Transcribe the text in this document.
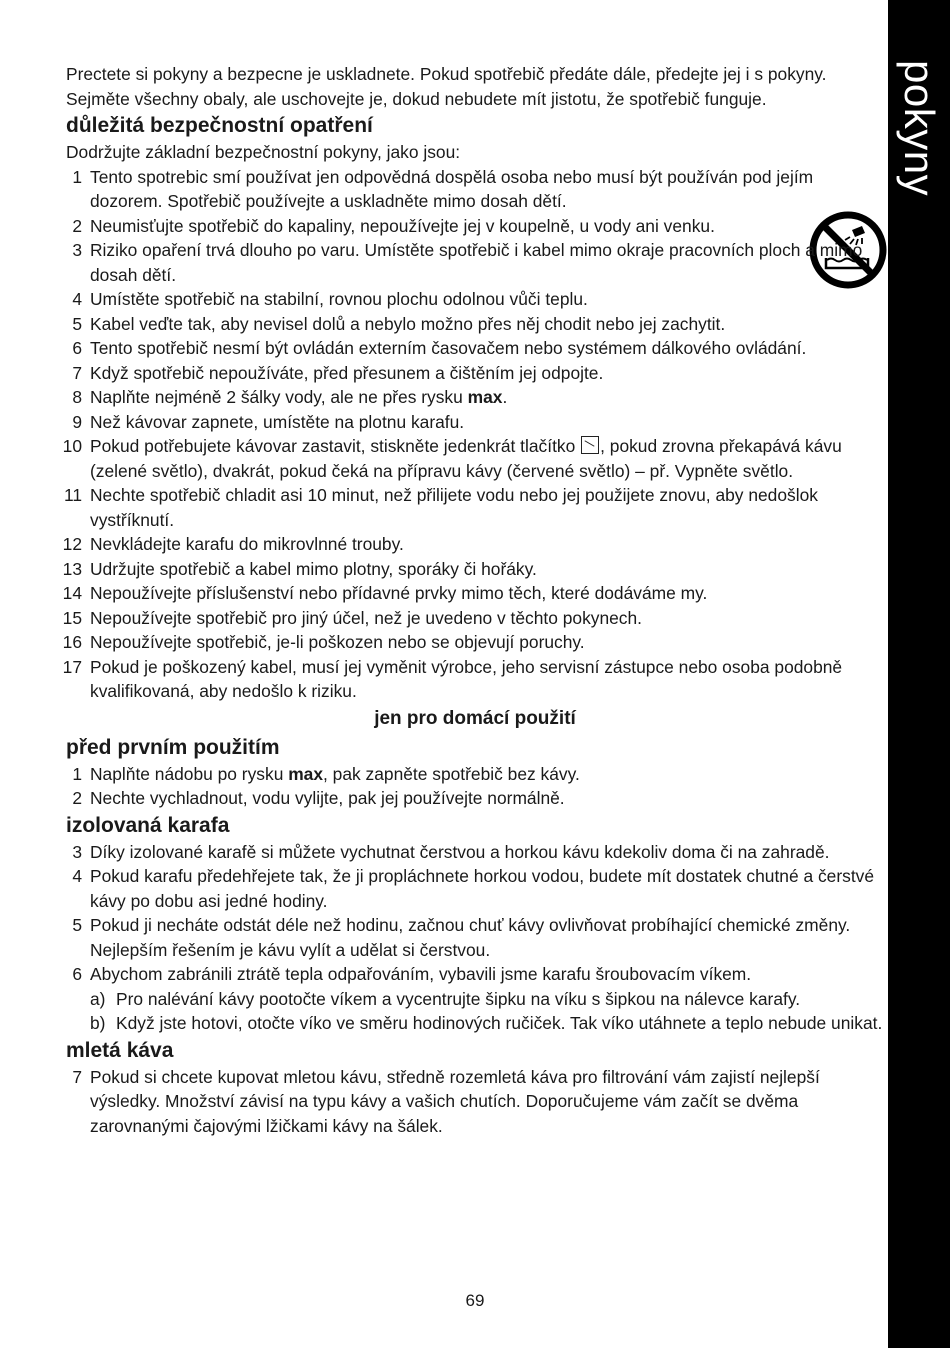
pokyny

Prectete si pokyny a bezpecne je uskladnete. Pokud spotřebič předáte dále, předejte jej i s pokyny. Sejměte všechny obaly, ale uschovejte je, dokud nebudete mít jistotu, že spotřebič funguje.

důležitá bezpečnostní opatření

Dodržujte základní bezpečnostní pokyny, jako jsou:

1 Tento spotrebic smí používat jen odpovědná dospělá osoba nebo musí být používán pod jejím dozorem. Spotřebič používejte a uskladněte mimo dosah dětí.
2 Neumisťujte spotřebič do kapaliny, nepoužívejte jej v koupelně, u vody ani venku.
3 Riziko opaření trvá dlouho po varu. Umístěte spotřebič i kabel mimo okraje pracovních ploch a mimo dosah dětí.
4 Umístěte spotřebič na stabilní, rovnou plochu odolnou vůči teplu.
5 Kabel veďte tak, aby nevisel dolů a nebylo možno přes něj chodit nebo jej zachytit.
6 Tento spotřebič nesmí být ovládán externím časovačem nebo systémem dálkového ovládání.
7 Když spotřebič nepoužíváte, před přesunem a čištěním jej odpojte.
8 Naplňte nejméně 2 šálky vody, ale ne přes rysku max.
9 Než kávovar zapnete, umístěte na plotnu karafu.
10 Pokud potřebujete kávovar zastavit, stiskněte jedenkrát tlačítko , pokud zrovna překapává kávu (zelené světlo), dvakrát, pokud čeká na přípravu kávy (červené světlo) – př. Vypněte světlo.
11 Nechte spotřebič chladit asi 10 minut, než přilijete vodu nebo jej použijete znovu, aby nedošlok vystříknutí.
12 Nevkládejte karafu do mikrovlnné trouby.
13 Udržujte spotřebič a kabel mimo plotny, sporáky či hořáky.
14 Nepoužívejte příslušenství nebo přídavné prvky mimo těch, které dodáváme my.
15 Nepoužívejte spotřebič pro jiný účel, než je uvedeno v těchto pokynech.
16 Nepoužívejte spotřebič, je-li poškozen nebo se objevují poruchy.
17 Pokud je poškozený kabel, musí jej vyměnit výrobce, jeho servisní zástupce nebo osoba podobně kvalifikovaná, aby nedošlo k riziku.
jen pro domácí použití
před prvním použitím
1 Naplňte nádobu po rysku max, pak zapněte spotřebič bez kávy.
2 Nechte vychladnout, vodu vylijte, pak jej používejte normálně.
izolovaná karafa
3 Díky izolované karafě si můžete vychutnat čerstvou a horkou kávu kdekoliv doma či na zahradě.
4 Pokud karafu předehřejete tak, že ji propláchnete horkou vodou, budete mít dostatek chutné a čerstvé kávy po dobu asi jedné hodiny.
5 Pokud ji necháte odstát déle než hodinu, začnou chuť kávy ovlivňovat probíhající chemické změny. Nejlepším řešením je kávu vylít a udělat si čerstvou.
6 Abychom zabránili ztrátě tepla odpařováním, vybavili jsme karafu šroubovacím víkem.
a) Pro nalévání kávy pootočte víkem a vycentrujte šipku na víku s šipkou na nálevce karafy.
b) Když jste hotovi, otočte víko ve směru hodinových ručiček. Tak víko utáhnete a teplo nebude unikat.
mletá káva
7 Pokud si chcete kupovat mletou kávu, středně rozemletá káva pro filtrování vám zajistí nejlepší výsledky. Množství závisí na typu kávy a vašich chutích. Doporučujeme vám začít se dvěma zarovnanými čajovými lžičkami kávy na šálek.
69
